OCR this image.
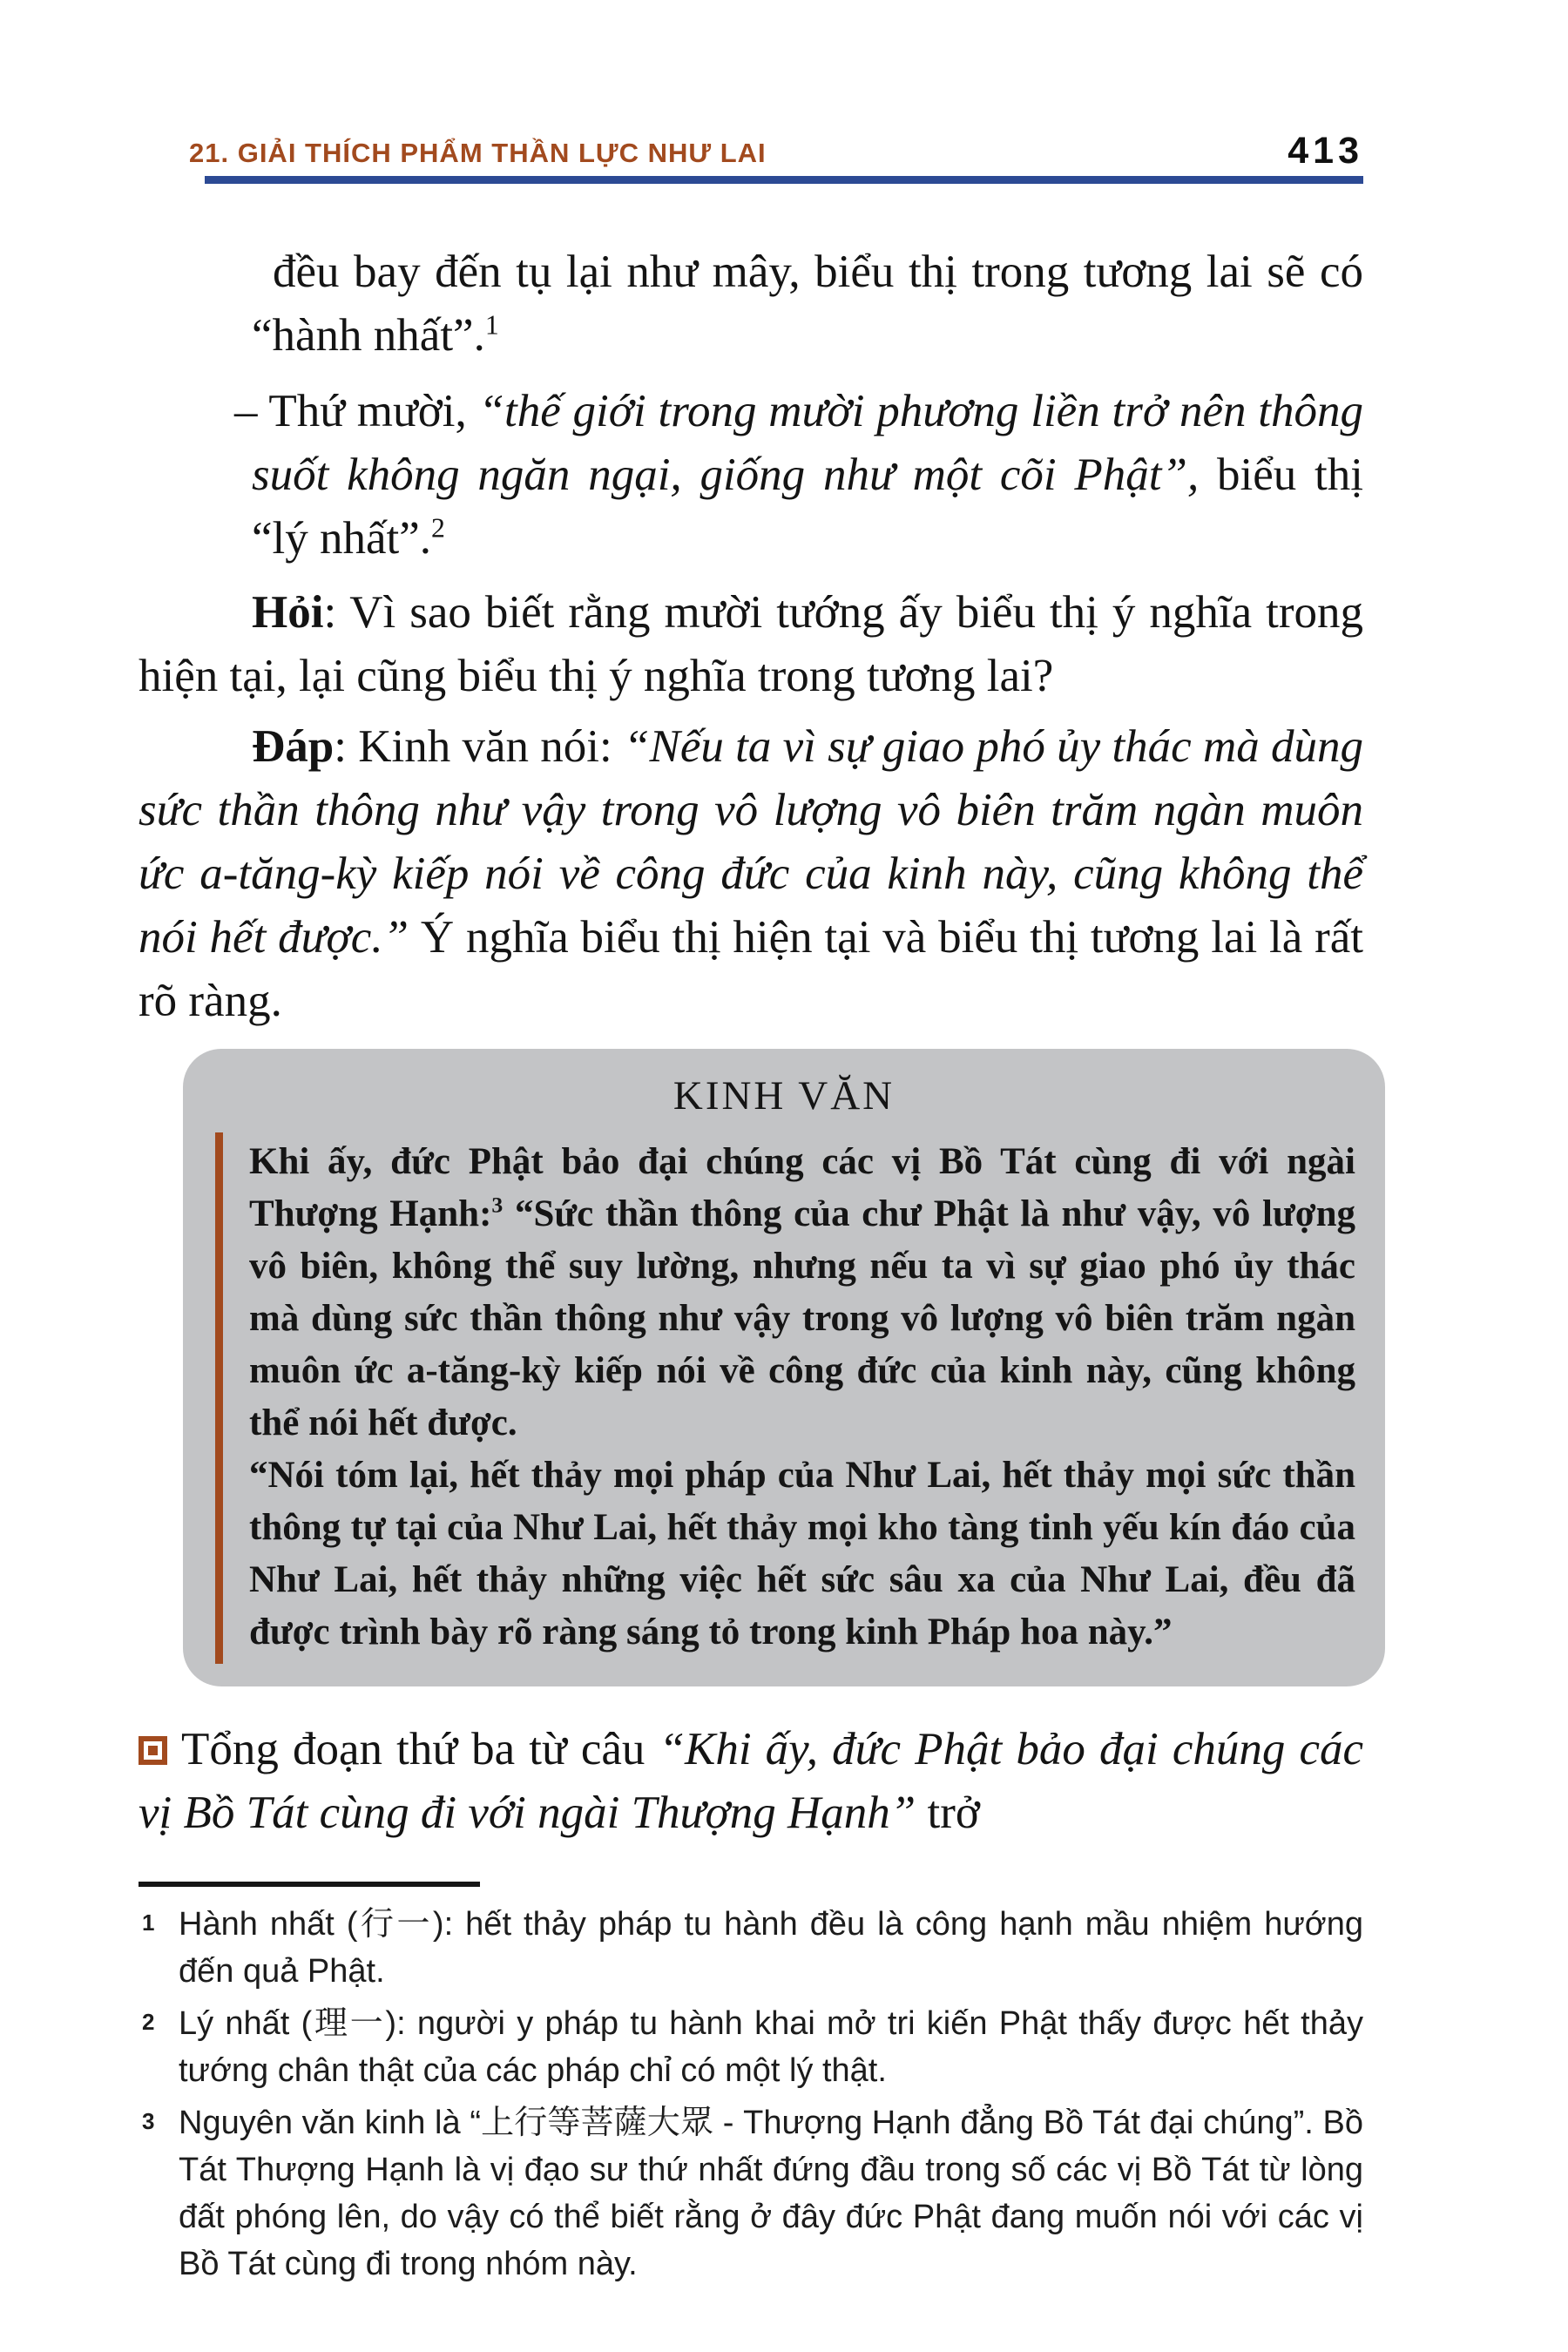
21. GIẢI THÍCH PHẨM THẦN LỰC NHƯ LAI	413

đều bay đến tụ lại như mây, biểu thị trong tương lai sẽ có “hành nhất”.$^1$

– Thứ mười, “thế giới trong mười phương liền trở nên thông suốt không ngăn ngại, giống như một cõi Phật”, biểu thị “lý nhất”.$^2$

Hỏi: Vì sao biết rằng mười tướng ấy biểu thị ý nghĩa trong hiện tại, lại cũng biểu thị ý nghĩa trong tương lai?

Đáp: Kinh văn nói: “Nếu ta vì sự giao phó ủy thác mà dùng sức thần thông như vậy trong vô lượng vô biên trăm ngàn muôn ức a-tăng-kỳ kiếp nói về công đức của kinh này, cũng không thể nói hết được.” Ý nghĩa biểu thị hiện tại và biểu thị tương lai là rất rõ ràng.

KINH VĂN

Khi ấy, đức Phật bảo đại chúng các vị Bồ Tát cùng đi với ngài Thượng Hạnh:$^3$ “Sức thần thông của chư Phật là như vậy, vô lượng vô biên, không thể suy lường, nhưng nếu ta vì sự giao phó ủy thác mà dùng sức thần thông như vậy trong vô lượng vô biên trăm ngàn muôn ức a-tăng-kỳ kiếp nói về công đức của kinh này, cũng không thể nói hết được.

“Nói tóm lại, hết thảy mọi pháp của Như Lai, hết thảy mọi sức thần thông tự tại của Như Lai, hết thảy mọi kho tàng tinh yếu kín đáo của Như Lai, hết thảy những việc hết sức sâu xa của Như Lai, đều đã được trình bày rõ ràng sáng tỏ trong kinh Pháp hoa này.”

Tổng đoạn thứ ba từ câu “Khi ấy, đức Phật bảo đại chúng các vị Bồ Tát cùng đi với ngài Thượng Hạnh” trở

1 Hành nhất (行一): hết thảy pháp tu hành đều là công hạnh mầu nhiệm hướng đến quả Phật.
2 Lý nhất (理一): người y pháp tu hành khai mở tri kiến Phật thấy được hết thảy tướng chân thật của các pháp chỉ có một lý thật.
3 Nguyên văn kinh là “上行等菩薩大眾 - Thượng Hạnh đẳng Bồ Tát đại chúng”. Bồ Tát Thượng Hạnh là vị đạo sư thứ nhất đứng đầu trong số các vị Bồ Tát từ lòng đất phóng lên, do vậy có thể biết rằng ở đây đức Phật đang muốn nói với các vị Bồ Tát cùng đi trong nhóm này.
